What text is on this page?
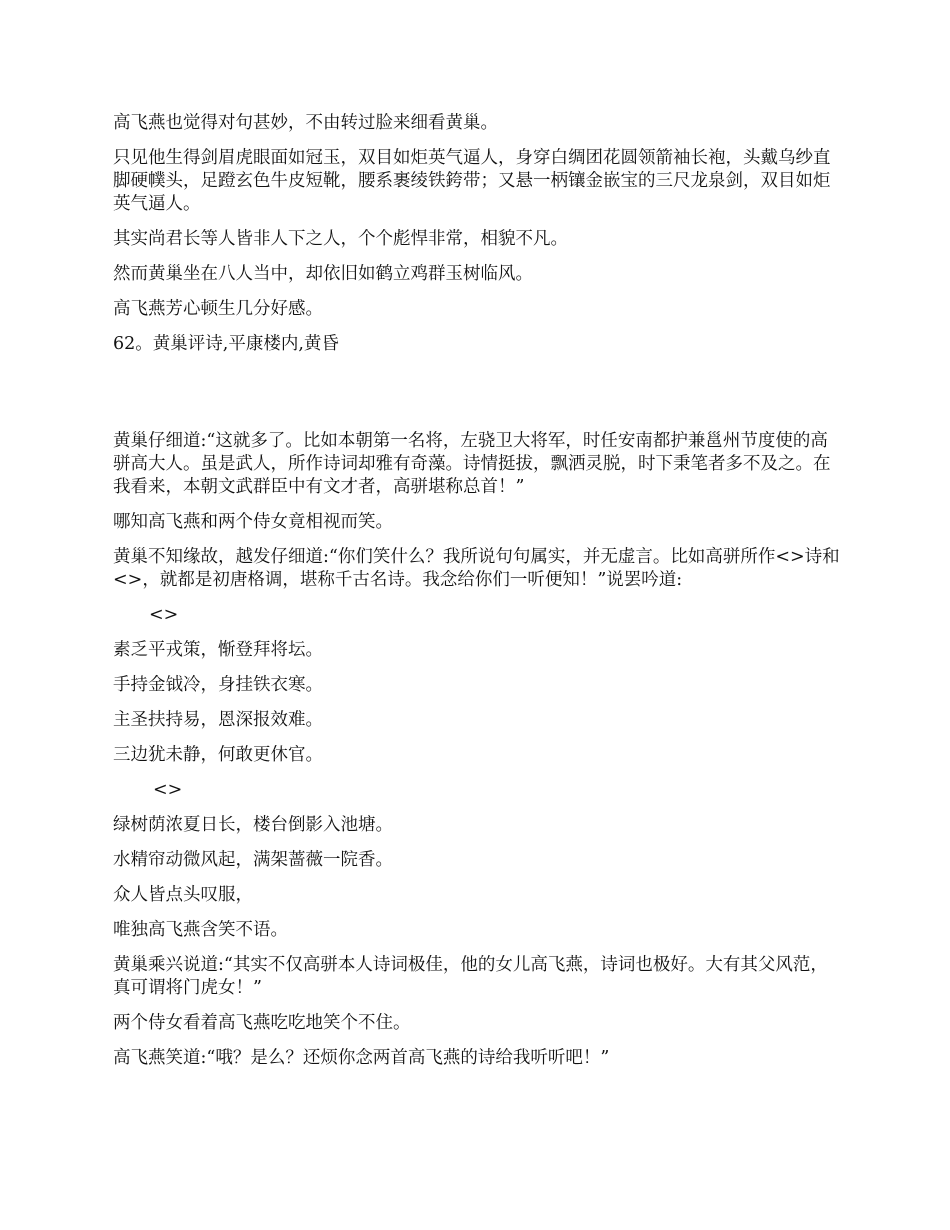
高飞燕也觉得对句甚妙，不由转过脸来细看黄巢。

只见他生得剑眉虎眼面如冠玉，双目如炬英气逼人，身穿白绸团花圆领箭袖长袍，头戴乌纱直脚硬幞头，足蹬玄色牛皮短靴，腰系裹绫铁銙带；又悬一柄镶金嵌宝的三尺龙泉剑，双目如炬英气逼人。

其实尚君长等人皆非人下之人，个个彪悍非常，相貌不凡。

然而黄巢坐在八人当中，却依旧如鹤立鸡群玉树临风。

高飞燕芳心顿生几分好感。

62。黄巢评诗,平康楼内,黄昏

黄巢仔细道:“这就多了。比如本朝第一名将，左骁卫大将军，时任安南都护兼邕州节度使的高骈高大人。虽是武人，所作诗词却雅有奇藻。诗情挺拔，飘洒灵脱，时下秉笔者多不及之。在我看来，本朝文武群臣中有文才者，高骈堪称总首！”

哪知高飞燕和两个侍女竟相视而笑。

黄巢不知缘故，越发仔细道:“你们笑什么？我所说句句属实，并无虚言。比如高骈所作<>诗和<>，就都是初唐格调，堪称千古名诗。我念给你们一听便知！”说罢吟道:

<>

素乏平戎策，惭登拜将坛。

手持金钺冷，身挂铁衣寒。

主圣扶持易，恩深报效难。

三边犹未静，何敢更休官。

<>

绿树荫浓夏日长，楼台倒影入池塘。

水精帘动微风起，满架蔷薇一院香。

众人皆点头叹服，

唯独高飞燕含笑不语。

黄巢乘兴说道:“其实不仅高骈本人诗词极佳，他的女儿高飞燕，诗词也极好。大有其父风范，真可谓将门虎女！”

两个侍女看着高飞燕吃吃地笑个不住。

高飞燕笑道:“哦？是么？还烦你念两首高飞燕的诗给我听听吧！”
